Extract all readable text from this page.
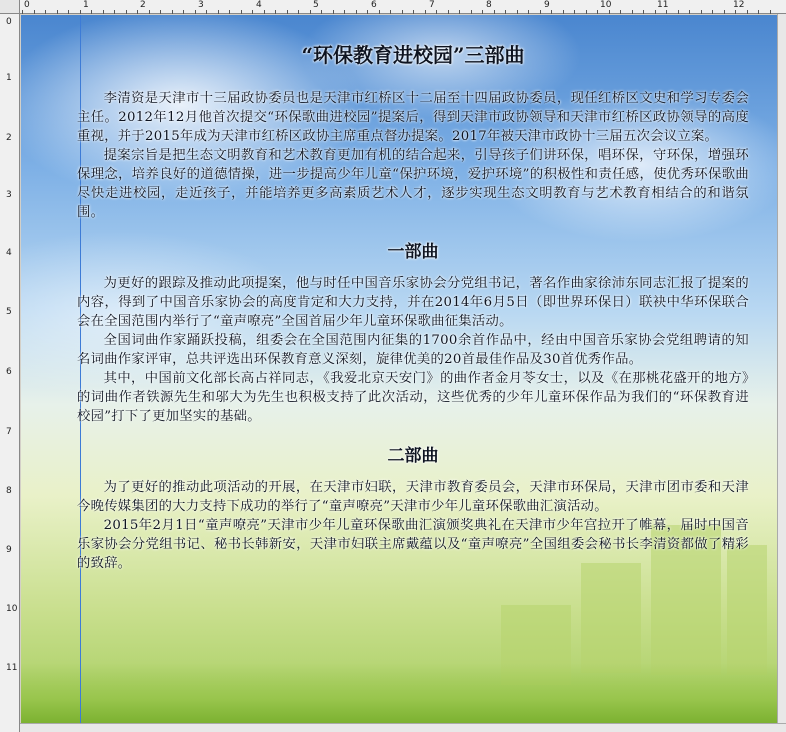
0	1	2	3	4	5	6	7	8	9	10	11	12
0
1
2
3
4
5
6
7
8
9
10
11
“环保教育进校园”三部曲

李清资是天津市十三届政协委员也是天津市红桥区十二届至十四届政协委员，现任红桥区文史和学习专委会主任。2012年12月他首次提交“环保歌曲进校园”提案后，得到天津市政协领导和天津市红桥区政协领导的高度重视，并于2015年成为天津市红桥区政协主席重点督办提案。2017年被天津市政协十三届五次会议立案。

提案宗旨是把生态文明教育和艺术教育更加有机的结合起来，引导孩子们讲环保，唱环保，守环保，增强环保理念，培养良好的道德情操，进一步提高少年儿童“保护环境，爱护环境”的积极性和责任感，使优秀环保歌曲尽快走进校园，走近孩子，并能培养更多高素质艺术人才，逐步实现生态文明教育与艺术教育相结合的和谐氛围。

一部曲

为更好的跟踪及推动此项提案，他与时任中国音乐家协会分党组书记，著名作曲家徐沛东同志汇报了提案的内容，得到了中国音乐家协会的高度肯定和大力支持，并在2014年6月5日（即世界环保日）联袂中华环保联合会在全国范围内举行了“童声嘹亮”全国首届少年儿童环保歌曲征集活动。

全国词曲作家踊跃投稿，组委会在全国范围内征集的1700余首作品中，经由中国音乐家协会党组聘请的知名词曲作家评审，总共评选出环保教育意义深刻，旋律优美的20首最佳作品及30首优秀作品。

其中，中国前文化部长高占祥同志，《我爱北京天安门》的曲作者金月苓女士，以及《在那桃花盛开的地方》的词曲作者铁源先生和邬大为先生也积极支持了此次活动，这些优秀的少年儿童环保作品为我们的“环保教育进校园”打下了更加坚实的基础。

二部曲

为了更好的推动此项活动的开展，在天津市妇联，天津市教育委员会，天津市环保局，天津市团市委和天津今晚传媒集团的大力支持下成功的举行了“童声嘹亮”天津市少年儿童环保歌曲汇演活动。

2015年2月1日“童声嘹亮”天津市少年儿童环保歌曲汇演颁奖典礼在天津市少年宫拉开了帷幕，届时中国音乐家协会分党组书记、秘书长韩新安，天津市妇联主席戴蕴以及“童声嘹亮”全国组委会秘书长李清资都做了精彩的致辞。
